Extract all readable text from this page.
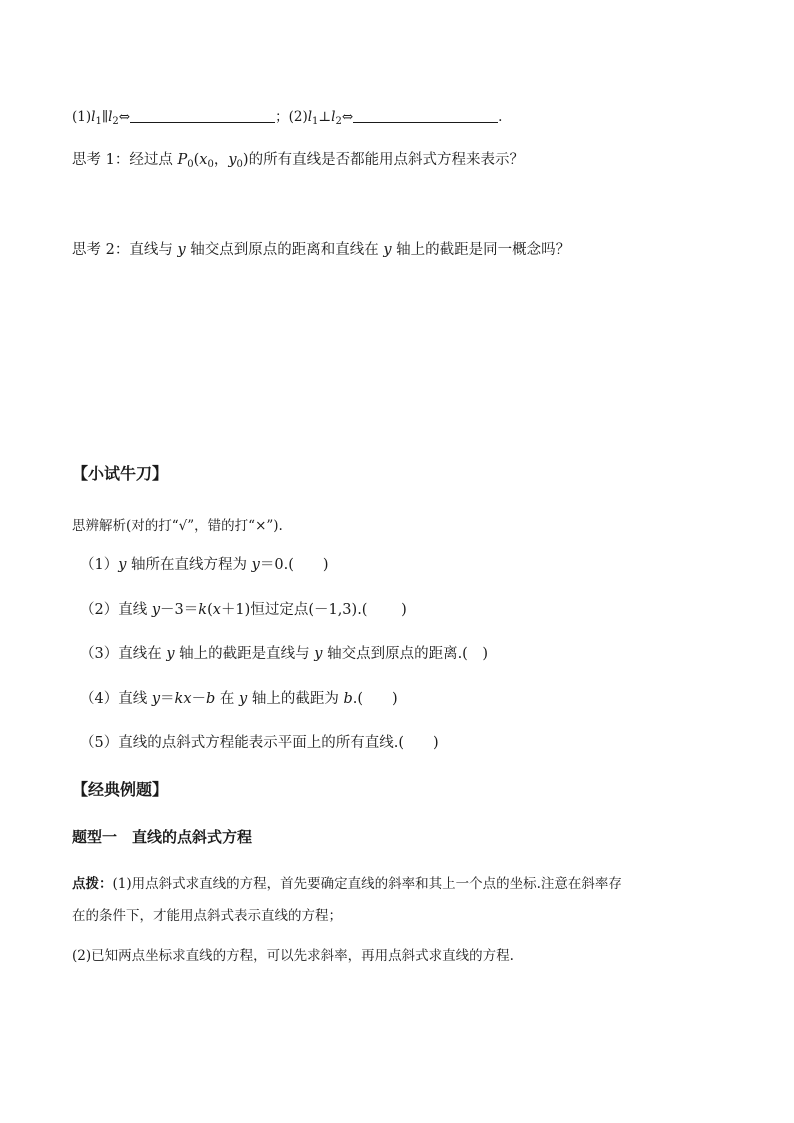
$(1)l_1\parallel l_2\Leftrightarrow$	；$(2)l_1\perp l_2\Leftrightarrow$	.
思考 1：经过点 $P_0(x_0$，$y_0$)的所有直线是否都能用点斜式方程来表示？
思考 2：直线与 y 轴交点到原点的距离和直线在 y 轴上的截距是同一概念吗？
【小试牛刀】
思辨解析(对的打“√”，错的打“×”).
（1）y 轴所在直线方程为 y＝0.(　　)
（2）直线 y－3＝k(x＋1)恒过定点(－1,3).(　　 )
（3）直线在 y 轴上的截距是直线与 y 轴交点到原点的距离.(　)
（4）直线 y＝kx－b 在 y 轴上的截距为 b.(　　)
（5）直线的点斜式方程能表示平面上的所有直线.(　　)
【经典例题】
题型一　直线的点斜式方程
点拨：(1)用点斜式求直线的方程，首先要确定直线的斜率和其上一个点的坐标.注意在斜率存
在的条件下，才能用点斜式表示直线的方程；
(2)已知两点坐标求直线的方程，可以先求斜率，再用点斜式求直线的方程.
